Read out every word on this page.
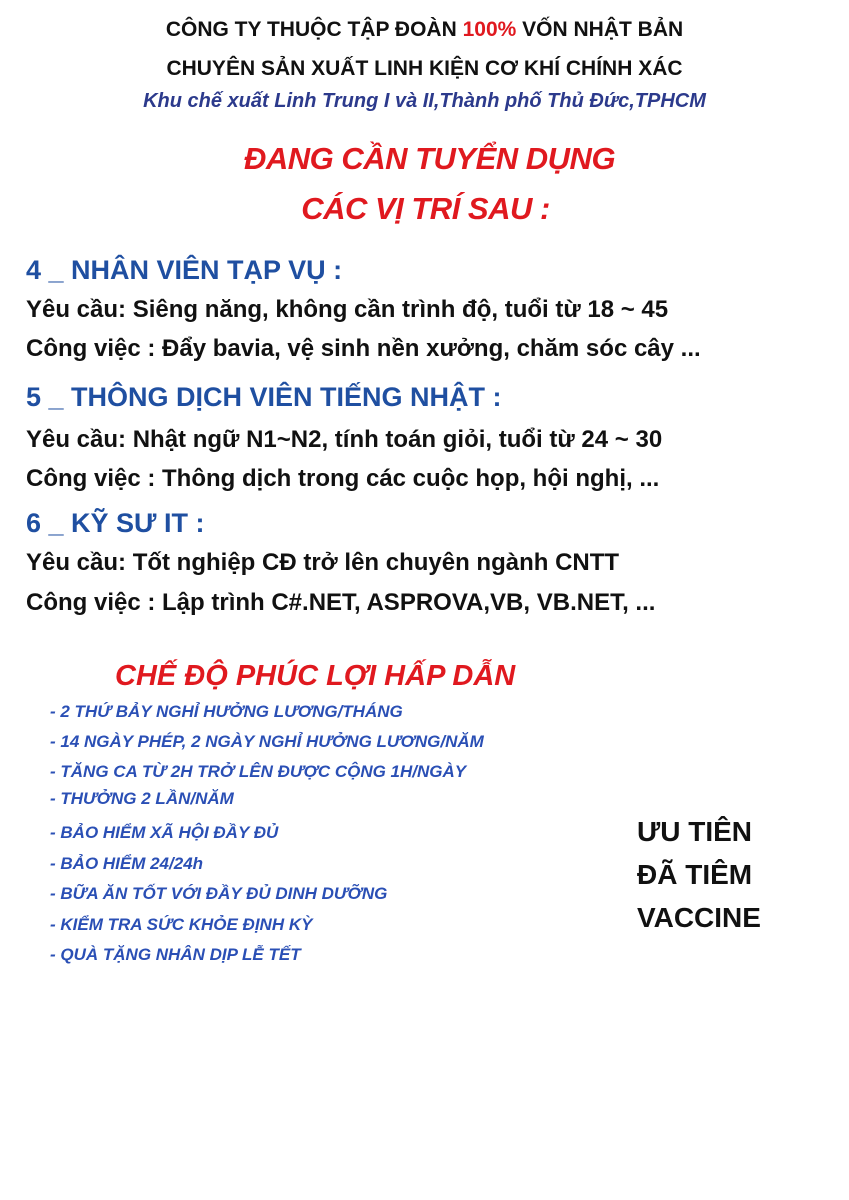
CÔNG TY THUỘC TẬP ĐOÀN 100% VỐN NHẬT BẢN
CHUYÊN SẢN XUẤT LINH KIỆN CƠ KHÍ CHÍNH XÁC
Khu chế xuất Linh Trung I và II,Thành phố Thủ Đức,TPHCM
ĐANG CẦN TUYỂN DỤNG
CÁC VỊ TRÍ SAU :
4 _ NHÂN VIÊN TẠP VỤ :
Yêu cầu: Siêng năng, không cần trình độ, tuổi từ 18 ~ 45
Công việc : Đẩy bavia, vệ sinh nền xưởng, chăm sóc cây ...
5 _ THÔNG DỊCH VIÊN TIẾNG NHẬT :
Yêu cầu: Nhật ngữ N1~N2, tính toán giỏi, tuổi từ 24 ~ 30
Công việc : Thông dịch trong các cuộc họp, hội nghị, ...
6 _ KỸ SƯ IT :
Yêu cầu: Tốt nghiệp CĐ trở lên chuyên ngành CNTT
Công việc : Lập trình C#.NET, ASPROVA,VB, VB.NET, ...
CHẾ ĐỘ PHÚC LỢI HẤP DẪN
- 2 THỨ BẢY NGHỈ HƯỞNG LƯƠNG/THÁNG
- 14 NGÀY PHÉP, 2 NGÀY NGHỈ HƯỞNG LƯƠNG/NĂM
- TĂNG CA TỪ 2H TRỞ LÊN ĐƯỢC CỘNG 1H/NGÀY
- THƯỞNG 2 LẦN/NĂM
- BẢO HIỂM XÃ HỘI ĐẦY ĐỦ
- BẢO HIỂM 24/24h
- BỮA ĂN TỐT VỚI ĐẦY ĐỦ DINH DƯỠNG
- KIỂM TRA SỨC KHỎE ĐỊNH KỲ
- QUÀ TẶNG NHÂN DỊP LỄ TẾT
ƯU TIÊN
ĐÃ TIÊM
VACCINE
